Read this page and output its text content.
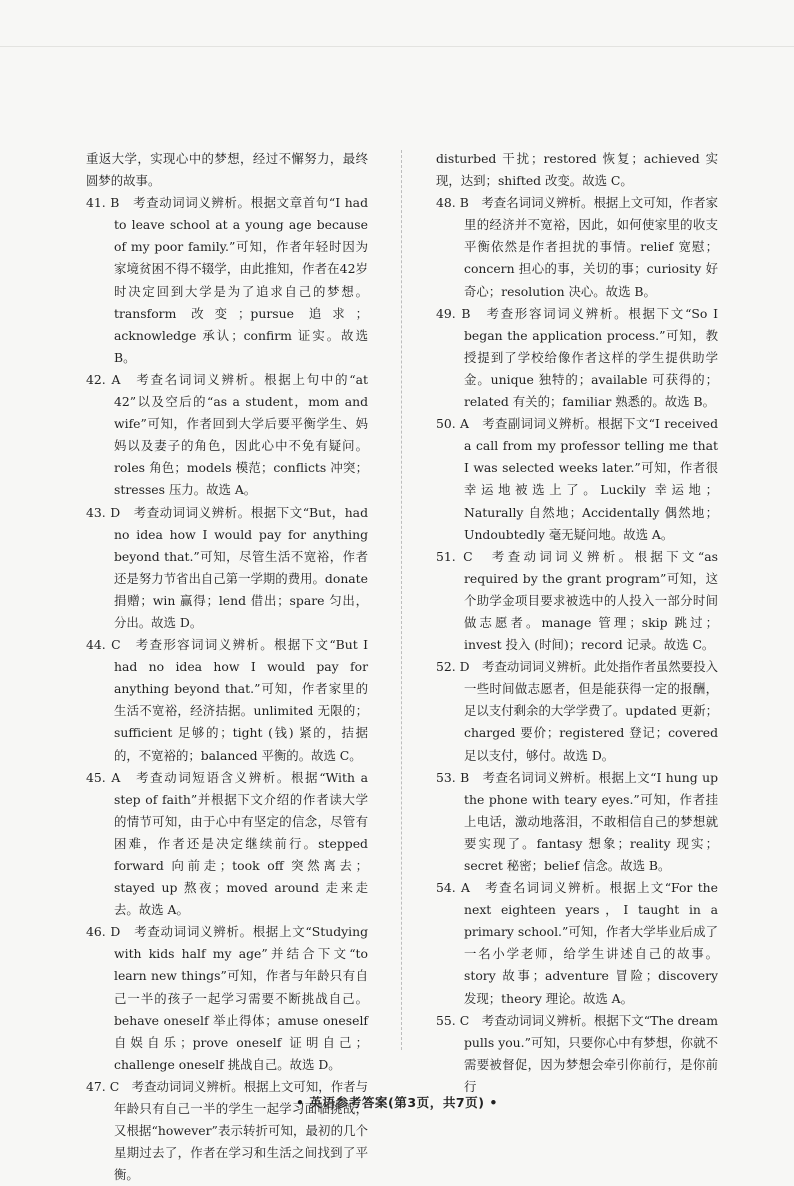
重返大学，实现心中的梦想，经过不懈努力，最终圆梦的故事。

41. B　考查动词词义辨析。根据文章首句“I had to leave school at a young age because of my poor family.”可知，作者年轻时因为家境贫困不得不辍学，由此推知，作者在42岁时决定回到大学是为了追求自己的梦想。transform 改变；pursue 追求；acknowledge 承认；confirm 证实。故选 B。

42. A　考查名词词义辨析。根据上句中的“at 42”以及空后的“as a student，mom and wife”可知，作者回到大学后要平衡学生、妈妈以及妻子的角色，因此心中不免有疑问。roles 角色；models 模范；conflicts 冲突；stresses 压力。故选 A。

43. D　考查动词词义辨析。根据下文“But，had no idea how I would pay for anything beyond that.”可知，尽管生活不宽裕，作者还是努力节省出自己第一学期的费用。donate 捐赠；win 赢得；lend 借出；spare 匀出，分出。故选 D。

44. C　考查形容词词义辨析。根据下文“But I had no idea how I would pay for anything beyond that.”可知，作者家里的生活不宽裕，经济拮据。unlimited 无限的；sufficient 足够的；tight (钱) 紧的，拮据的，不宽裕的；balanced 平衡的。故选 C。

45. A　考查动词短语含义辨析。根据“With a step of faith”并根据下文介绍的作者读大学的情节可知，由于心中有坚定的信念，尽管有困难，作者还是决定继续前行。stepped forward 向前走；took off 突然离去；stayed up 熬夜；moved around 走来走去。故选 A。

46. D　考查动词词义辨析。根据上文“Studying with kids half my age”并结合下文“to learn new things”可知，作者与年龄只有自己一半的孩子一起学习需要不断挑战自己。behave oneself 举止得体；amuse oneself 自娱自乐；prove oneself 证明自己；challenge oneself 挑战自己。故选 D。

47. C　考查动词词义辨析。根据上文可知，作者与年龄只有自己一半的学生一起学习面临挑战，又根据“however”表示转折可知，最初的几个星期过去了，作者在学习和生活之间找到了平衡。

disturbed 干扰；restored 恢复；achieved 实现，达到；shifted 改变。故选 C。

48. B　考查名词词义辨析。根据上文可知，作者家里的经济并不宽裕，因此，如何使家里的收支平衡依然是作者担扰的事情。relief 宽慰；concern 担心的事，关切的事；curiosity 好奇心；resolution 决心。故选 B。

49. B　考查形容词词义辨析。根据下文“So I began the application process.”可知，教授提到了学校给像作者这样的学生提供助学金。unique 独特的；available 可获得的；related 有关的；familiar 熟悉的。故选 B。

50. A　考查副词词义辨析。根据下文“I received a call from my professor telling me that I was selected weeks later.”可知，作者很幸运地被选上了。Luckily 幸运地；Naturally 自然地；Accidentally 偶然地；Undoubtedly 毫无疑问地。故选 A。

51. C　考查动词词义辨析。根据下文“as required by the grant program”可知，这个助学金项目要求被选中的人投入一部分时间做志愿者。manage 管理；skip 跳过；invest 投入 (时间)；record 记录。故选 C。

52. D　考查动词词义辨析。此处指作者虽然要投入一些时间做志愿者，但是能获得一定的报酬，足以支付剩余的大学学费了。updated 更新；charged 要价；registered 登记；covered 足以支付，够付。故选 D。

53. B　考查名词词义辨析。根据上文“I hung up the phone with teary eyes.”可知，作者挂上电话，激动地落泪，不敢相信自己的梦想就要实现了。fantasy 想象；reality 现实；secret 秘密；belief 信念。故选 B。

54. A　考查名词词义辨析。根据上文“For the next eighteen years，I taught in a primary school.”可知，作者大学毕业后成了一名小学老师，给学生讲述自己的故事。story 故事；adventure 冒险；discovery 发现；theory 理论。故选 A。

55. C　考查动词词义辨析。根据下文“The dream pulls you.”可知，只要你心中有梦想，你就不需要被督促，因为梦想会牵引你前行，是你前行

• 英语参考答案(第3页，共7页) •
